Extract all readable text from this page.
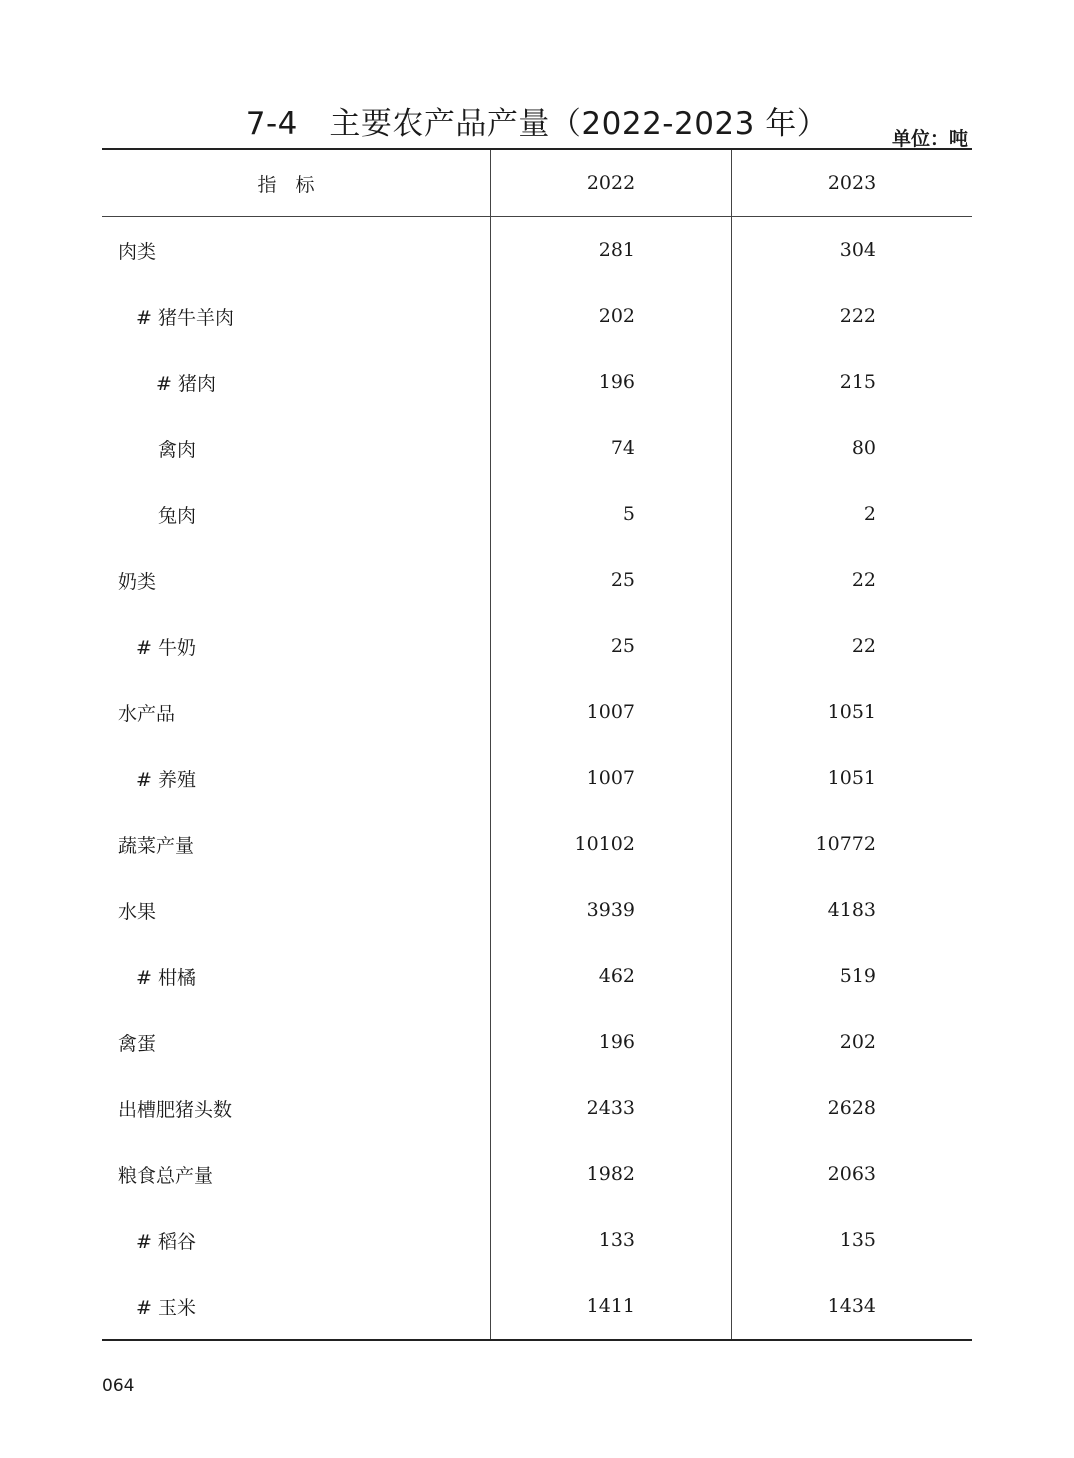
7-4　主要农产品产量（2022-2023 年）	单位：吨
指　标	2022	2023
肉类	281	304
# 猪牛羊肉	202	222
# 猪肉	196	215
禽肉	74	80
兔肉	5	2
奶类	25	22
# 牛奶	25	22
水产品	1007	1051
# 养殖	1007	1051
蔬菜产量	10102	10772
水果	3939	4183
# 柑橘	462	519
禽蛋	196	202
出槽肥猪头数	2433	2628
粮食总产量	1982	2063
# 稻谷	133	135
# 玉米	1411	1434
064
